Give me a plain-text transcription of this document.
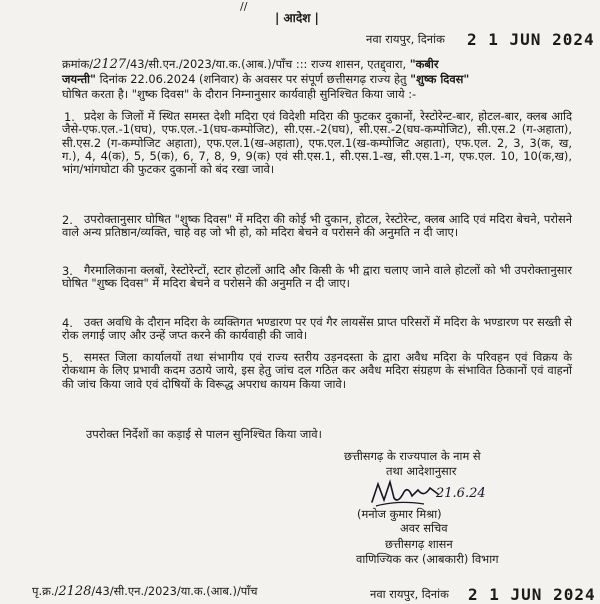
//
| आदेश |
नवा रायपुर, दिनांक 2 1 JUN 2024
क्रमांक/2127/43/सी.एन./2023/या.क.(आब.)/पाँच ::: राज्य शासन, एतद्द्वारा, "कबीर
जयन्ती" दिनांक 22.06.2024 (शनिवार) के अवसर पर संपूर्ण छत्तीसगढ़ राज्य हेतु "शुष्क दिवस"
घोषित करता है। "शुष्क दिवस" के दौरान निम्नानुसार कार्यवाही सुनिश्चित किया जाये :-
1. प्रदेश के जिलों में स्थित समस्त देशी मदिरा एवं विदेशी मदिरा की फुटकर दुकानों, रेस्टोरेन्ट-बार, होटल-बार, क्लब आदि जैसे-एफ.एल.-1(घघ), एफ.एल.-1(घघ-कम्पोजिट), सी.एस.-2(घघ), सी.एस.-2(घघ-कम्पोजिट), सी.एस.2 (ग-अहाता), सी.एस.2 (ग-कम्पोजिट अहाता), एफ.एल.1(ख-अहाता), एफ.एल.1(ख-कम्पोजिट अहाता), एफ.एल. 2, 3, 3(क, ख, ग.), 4, 4(क), 5, 5(क), 6, 7, 8, 9, 9(क) एवं सी.एस.1, सी.एस.1-ख, सी.एस.1-ग, एफ.एल. 10, 10(क,ख), भांग/भांगघोटा की फुटकर दुकानों को बंद रखा जावे।
2. उपरोक्तानुसार घोषित "शुष्क दिवस" में मदिरा की कोई भी दुकान, होटल, रेस्टोरेन्ट, क्लब आदि एवं मदिरा बेचने, परोसने वाले अन्य प्रतिष्ठान/व्यक्ति, चाहे वह जो भी हो, को मदिरा बेचने व परोसने की अनुमति न दी जाए।
3. गैरमालिकाना क्लबों, रेस्टोरेन्टों, स्टार होटलों आदि और किसी के भी द्वारा चलाए जाने वाले होटलों को भी उपरोक्तानुसार घोषित "शुष्क दिवस" में मदिरा बेचने व परोसने की अनुमति न दी जाए।
4. उक्त अवधि के दौरान मदिरा के व्यक्तिगत भण्डारण पर एवं गैर लायसेंस प्राप्त परिसरों में मदिरा के भण्डारण पर सख्ती से रोक लगाई जाए और उन्हें जप्त करने की कार्यवाही की जावे।
5. समस्त जिला कार्यालयों तथा संभागीय एवं राज्य स्तरीय उड़नदस्ता के द्वारा अवैध मदिरा के परिवहन एवं विक्रय के रोकथाम के लिए प्रभावी कदम उठाये जाये, इस हेतु जांच दल गठित कर अवैध मदिरा संग्रहण के संभावित ठिकानों एवं वाहनों की जांच किया जावे एवं दोषियों के विरूद्ध अपराध कायम किया जावे।
उपरोक्त निर्देशों का कड़ाई से पालन सुनिश्चित किया जावे।
छत्तीसगढ़ के राज्यपाल के नाम से
तथा आदेशानुसार
21.6.24
(मनोज कुमार मिश्रा)
अवर सचिव
छत्तीसगढ़ शासन
वाणिज्यिक कर (आबकारी) विभाग
पृ.क्र./2128/43/सी.एन./2023/या.क.(आब.)/पाँच	नवा रायपुर, दिनांक 2 1 JUN 2024
